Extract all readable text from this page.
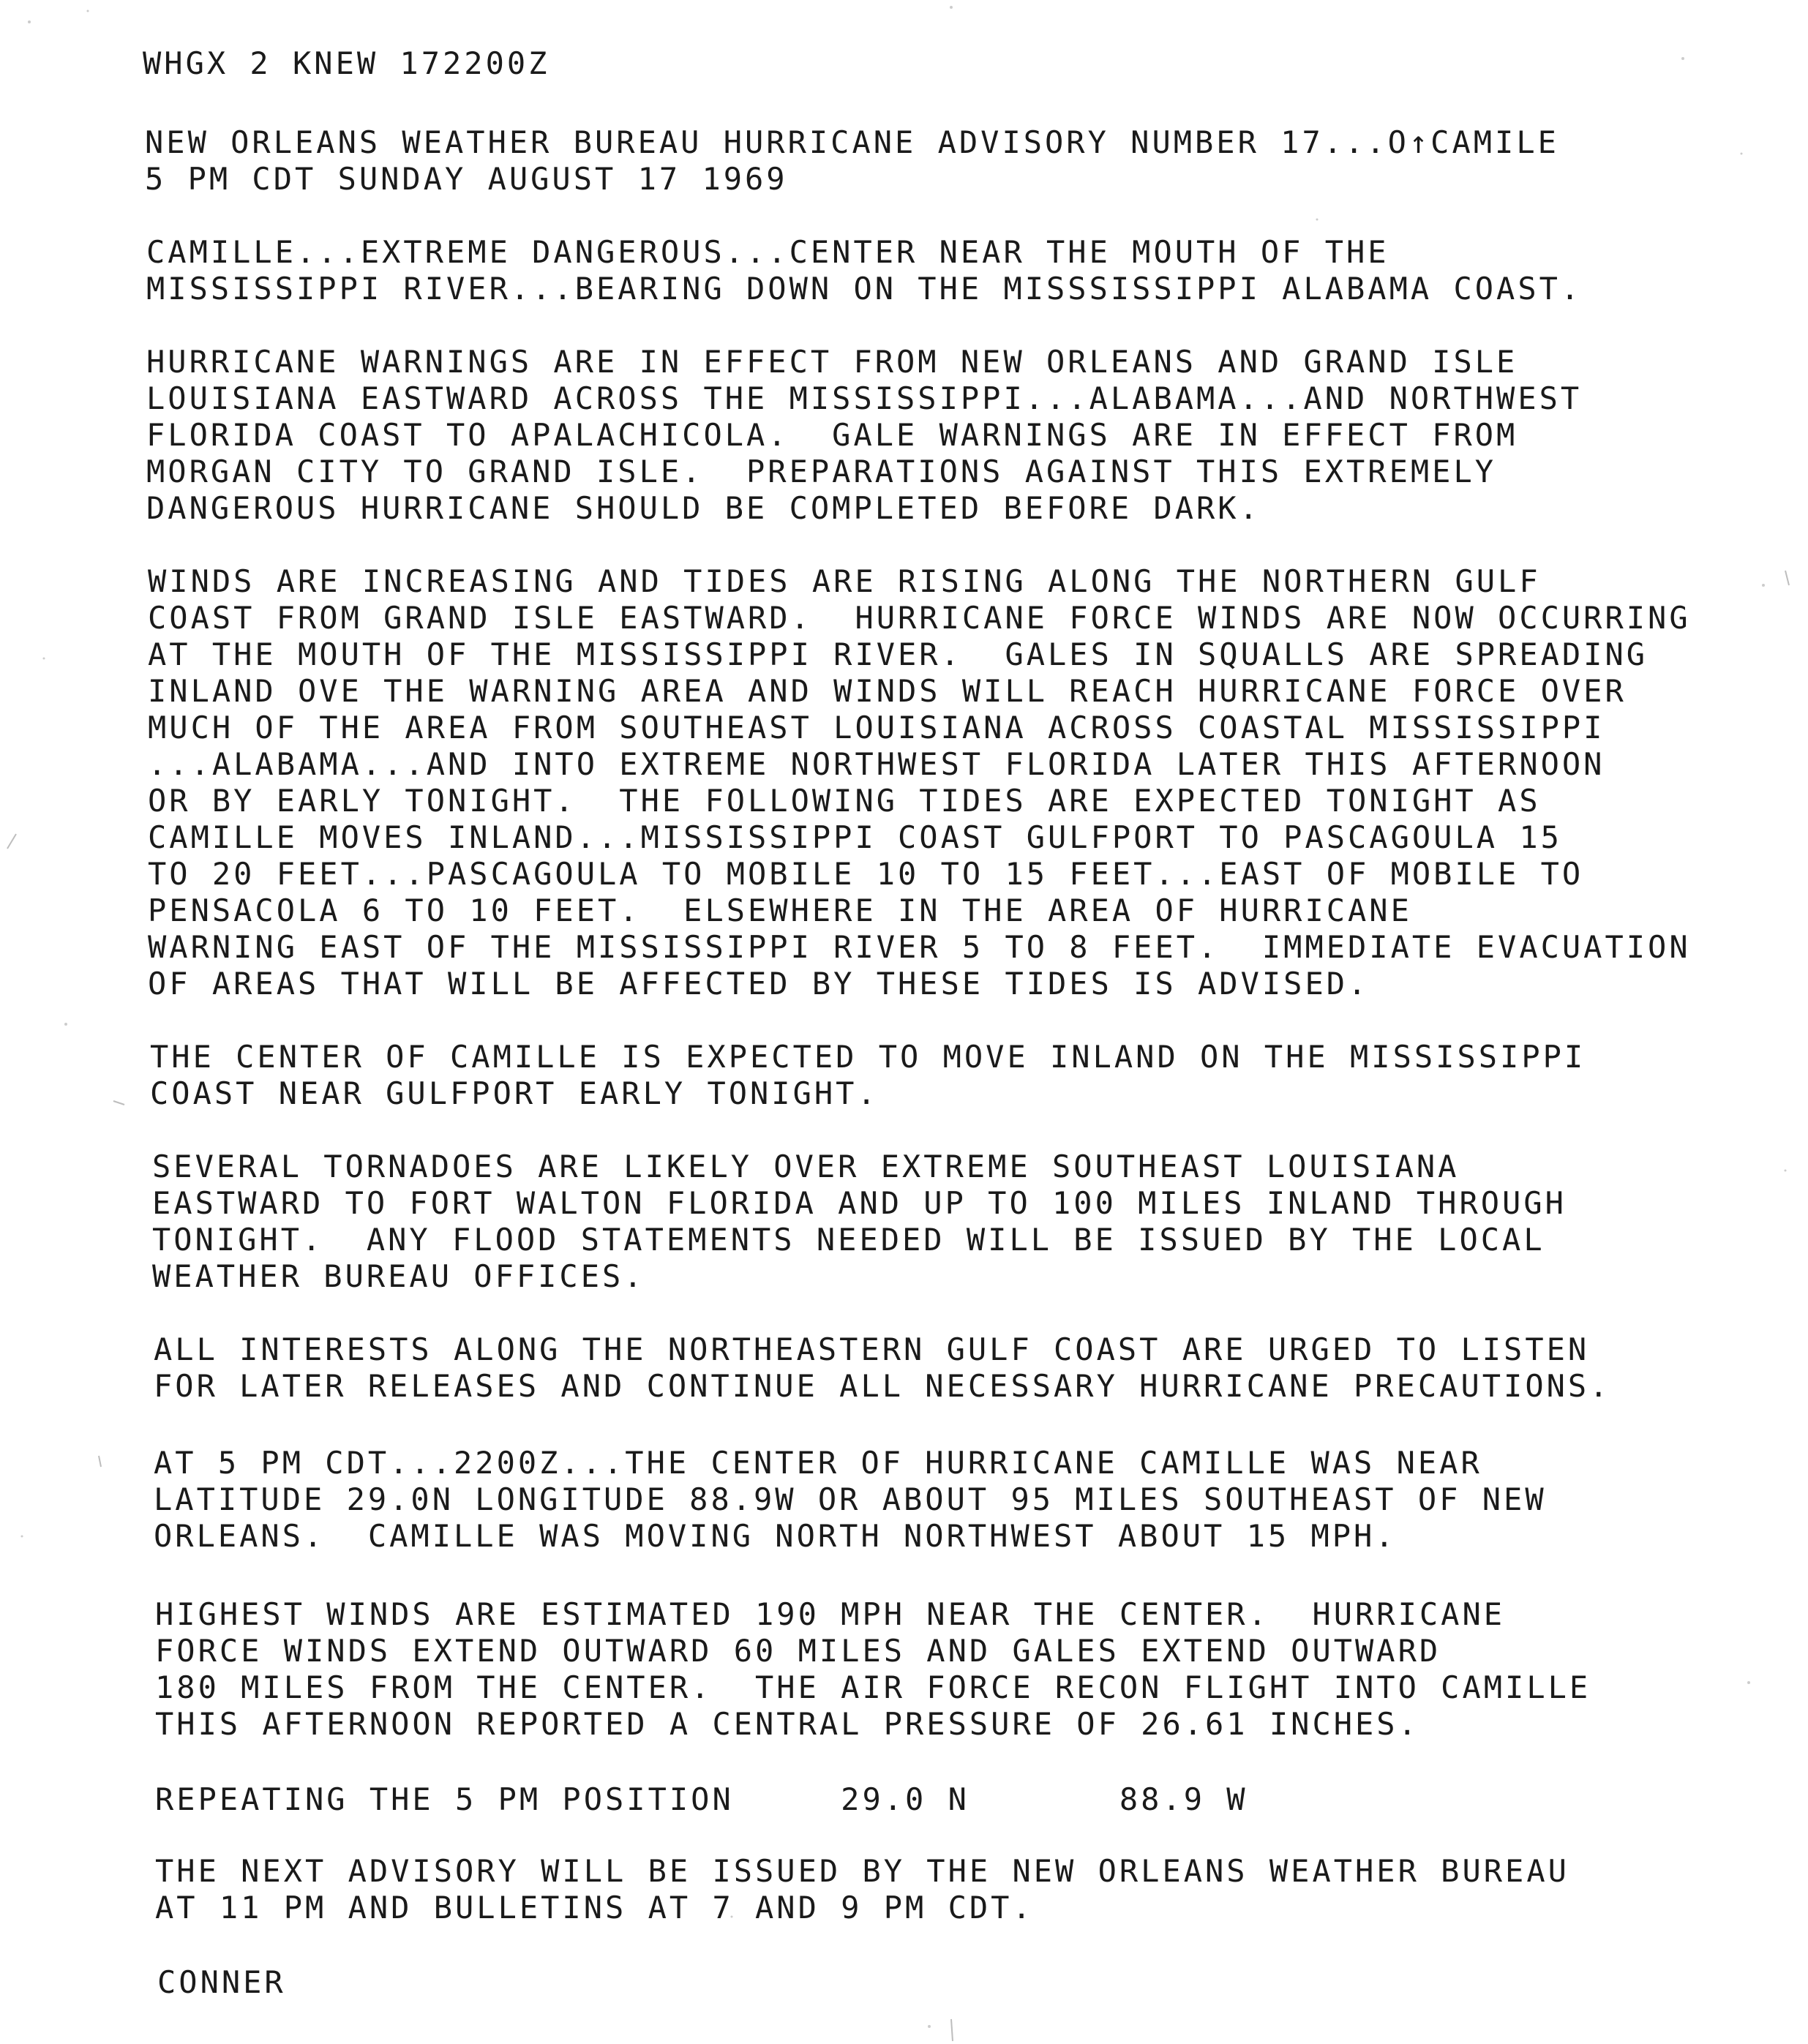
WHGX 2 KNEW 172200Z
NEW ORLEANS WEATHER BUREAU HURRICANE ADVISORY NUMBER 17...O↑CAMILE
5 PM CDT SUNDAY AUGUST 17 1969
CAMILLE...EXTREME DANGEROUS...CENTER NEAR THE MOUTH OF THE
MISSISSIPPI RIVER...BEARING DOWN ON THE MISSSISSIPPI ALABAMA COAST.
HURRICANE WARNINGS ARE IN EFFECT FROM NEW ORLEANS AND GRAND ISLE
LOUISIANA EASTWARD ACROSS THE MISSISSIPPI...ALABAMA...AND NORTHWEST
FLORIDA COAST TO APALACHICOLA.  GALE WARNINGS ARE IN EFFECT FROM
MORGAN CITY TO GRAND ISLE.  PREPARATIONS AGAINST THIS EXTREMELY
DANGEROUS HURRICANE SHOULD BE COMPLETED BEFORE DARK.
WINDS ARE INCREASING AND TIDES ARE RISING ALONG THE NORTHERN GULF
COAST FROM GRAND ISLE EASTWARD.  HURRICANE FORCE WINDS ARE NOW OCCURRING
AT THE MOUTH OF THE MISSISSIPPI RIVER.  GALES IN SQUALLS ARE SPREADING
INLAND OVE THE WARNING AREA AND WINDS WILL REACH HURRICANE FORCE OVER
MUCH OF THE AREA FROM SOUTHEAST LOUISIANA ACROSS COASTAL MISSISSIPPI
...ALABAMA...AND INTO EXTREME NORTHWEST FLORIDA LATER THIS AFTERNOON
OR BY EARLY TONIGHT.  THE FOLLOWING TIDES ARE EXPECTED TONIGHT AS
CAMILLE MOVES INLAND...MISSISSIPPI COAST GULFPORT TO PASCAGOULA 15
TO 20 FEET...PASCAGOULA TO MOBILE 10 TO 15 FEET...EAST OF MOBILE TO
PENSACOLA 6 TO 10 FEET.  ELSEWHERE IN THE AREA OF HURRICANE
WARNING EAST OF THE MISSISSIPPI RIVER 5 TO 8 FEET.  IMMEDIATE EVACUATION
OF AREAS THAT WILL BE AFFECTED BY THESE TIDES IS ADVISED.
THE CENTER OF CAMILLE IS EXPECTED TO MOVE INLAND ON THE MISSISSIPPI
COAST NEAR GULFPORT EARLY TONIGHT.
SEVERAL TORNADOES ARE LIKELY OVER EXTREME SOUTHEAST LOUISIANA
EASTWARD TO FORT WALTON FLORIDA AND UP TO 100 MILES INLAND THROUGH
TONIGHT.  ANY FLOOD STATEMENTS NEEDED WILL BE ISSUED BY THE LOCAL
WEATHER BUREAU OFFICES.
ALL INTERESTS ALONG THE NORTHEASTERN GULF COAST ARE URGED TO LISTEN
FOR LATER RELEASES AND CONTINUE ALL NECESSARY HURRICANE PRECAUTIONS.
AT 5 PM CDT...2200Z...THE CENTER OF HURRICANE CAMILLE WAS NEAR
LATITUDE 29.0N LONGITUDE 88.9W OR ABOUT 95 MILES SOUTHEAST OF NEW
ORLEANS.  CAMILLE WAS MOVING NORTH NORTHWEST ABOUT 15 MPH.
HIGHEST WINDS ARE ESTIMATED 190 MPH NEAR THE CENTER.  HURRICANE
FORCE WINDS EXTEND OUTWARD 60 MILES AND GALES EXTEND OUTWARD
180 MILES FROM THE CENTER.  THE AIR FORCE RECON FLIGHT INTO CAMILLE
THIS AFTERNOON REPORTED A CENTRAL PRESSURE OF 26.61 INCHES.
REPEATING THE 5 PM POSITION     29.0 N       88.9 W
THE NEXT ADVISORY WILL BE ISSUED BY THE NEW ORLEANS WEATHER BUREAU
AT 11 PM AND BULLETINS AT 7 AND 9 PM CDT.
CONNER
